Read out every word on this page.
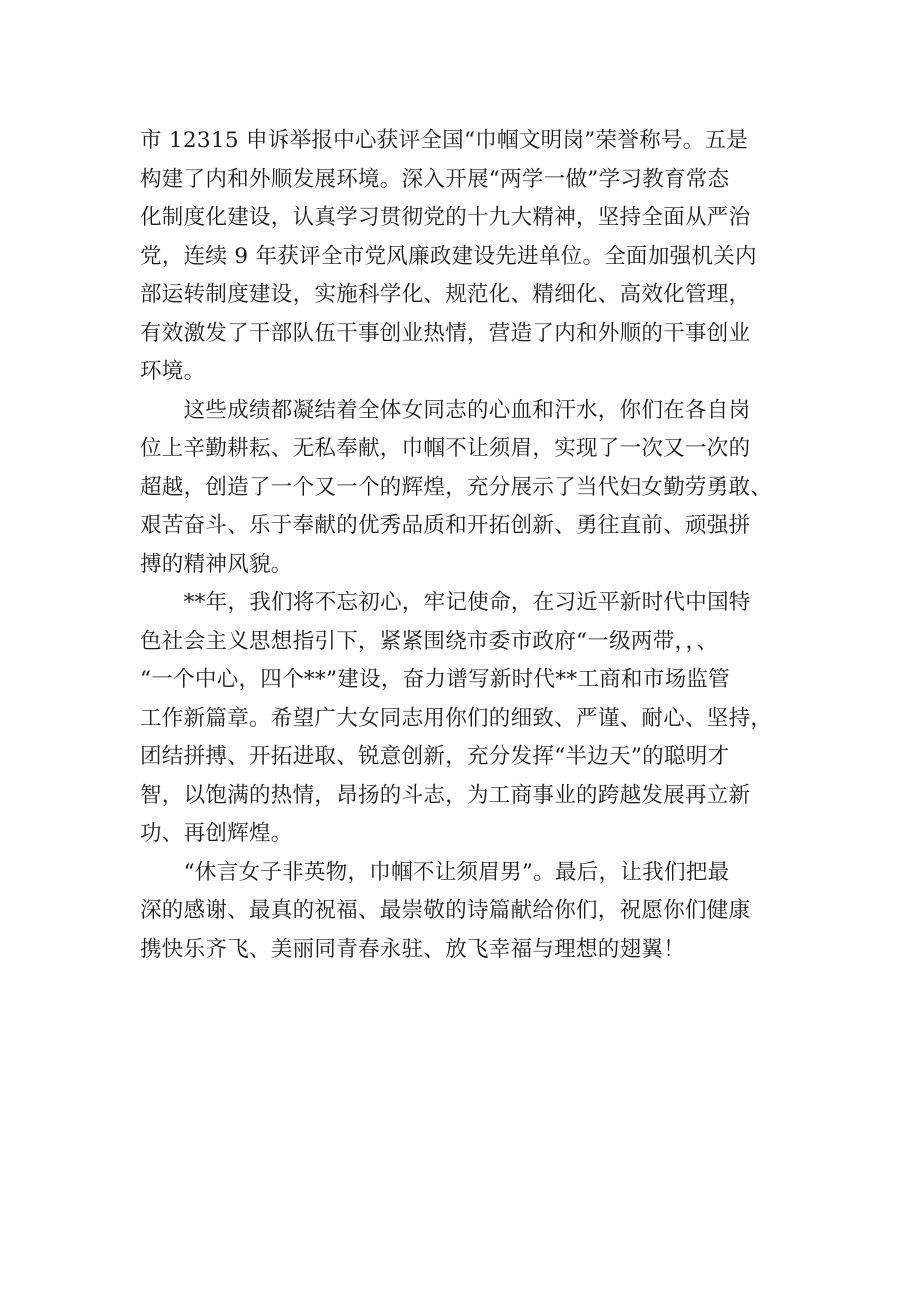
市 12315 申诉举报中心获评全国“巾帼文明岗”荣誉称号。五是
构建了内和外顺发展环境。深入开展“两学一做”学习教育常态
化制度化建设，认真学习贯彻党的十九大精神，坚持全面从严治
党，连续 9 年获评全市党风廉政建设先进单位。全面加强机关内
部运转制度建设，实施科学化、规范化、精细化、高效化管理，
有效激发了干部队伍干事创业热情，营造了内和外顺的干事创业
环境。
　　这些成绩都凝结着全体女同志的心血和汗水，你们在各自岗
位上辛勤耕耘、无私奉献，巾帼不让须眉，实现了一次又一次的
超越，创造了一个又一个的辉煌，充分展示了当代妇女勤劳勇敢、
艰苦奋斗、乐于奉献的优秀品质和开拓创新、勇往直前、顽强拼
搏的精神风貌。
　　**年，我们将不忘初心，牢记使命，在习近平新时代中国特
色社会主义思想指引下，紧紧围绕市委市政府“一级两带，，、
“一个中心，四个**”建设，奋力谱写新时代**工商和市场监管
工作新篇章。希望广大女同志用你们的细致、严谨、耐心、坚持，
团结拼搏、开拓进取、锐意创新，充分发挥“半边天”的聪明才
智，以饱满的热情，昂扬的斗志，为工商事业的跨越发展再立新
功、再创辉煌。
　　“休言女子非英物，巾帼不让须眉男”。最后，让我们把最
深的感谢、最真的祝福、最崇敬的诗篇献给你们，祝愿你们健康
携快乐齐飞、美丽同青春永驻、放飞幸福与理想的翅翼！
